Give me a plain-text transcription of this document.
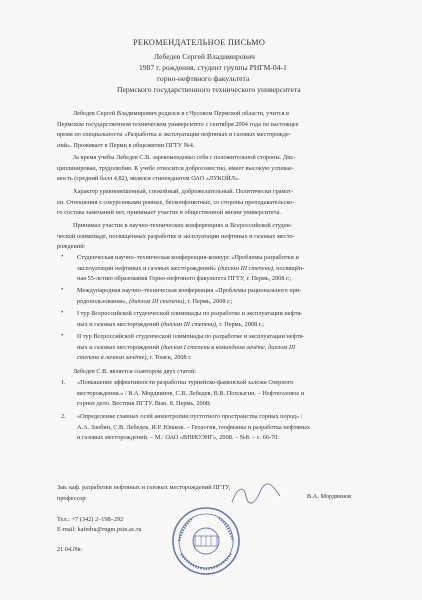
РЕКОМЕНДАТЕЛЬНОЕ ПИСЬМО
Лебедев Сергей Владимирович
1987 г. рождения, студент группы РНГМ-04-1
горно-нефтяного факультета
Пермского государственного технического университета
Лебедев Сергей Владимирович родился в г.Чусовом Пермской области, учится в
Пермском государственном техническом университете с сентября 2004 года по настоящее
время по специальности «Разработка и эксплуатация нефтяных и газовых месторожде-
ний». Проживает в Перми в общежитии ПГТУ №4.
За время учебы Лебедев С.В. зарекомендовал себя с положительной стороны. Дис-
циплинирован, трудолюбив. К учебе относится добросовестно, имеет высокую успевае-
мость (средний балл 4,82), являлся стипендиатом ОАО «ЛУКОЙЛ».
Характер уравновешенный, спокойный, доброжелательный. Политически грамот-
ен. Отношения с сокурсниками ровные, бесконфликтные, со стороны преподавательско-
го состава замечаний нет, принимает участие в общественной жизни университета.
Принимал участие в научно-технических конференциях и Всероссийской студен-
ческой олимпиаде, посвященных разработке и эксплуатации нефтяных и газовых место-
рождений:
• Студенческая научно–техническая конференция-конкурс «Проблемы разработки и
эксплуатации нефтяных и газовых месторождений» (диплом III степени), посвящён-
ная 55-летию образования Горно-нефтяного факультета ПГТУ, г. Пермь, 2008 г.;
• Международная научно–техническая конференция «Проблемы рационального при-
родопользования», (диплом III степени), г. Пермь, 2008 г.;
• I тур Всероссийской студенческой олимпиады по разработке и эксплуатации нефтя-
ных и газовых месторождений (диплом III степени), г. Пермь, 2008 г.;
• II тур Всероссийской студенческой олимпиады по разработке и эксплуатации нефтя-
ных и газовых месторождений (диплом I степени в командном зачёте, диплом III
степени в личном зачёте), г. Томск, 2008 г.
Лебедев С.В. является соавтором двух статей:
1. «Повышение эффективности разработки турнейско-фаменской залежи Озерного
месторождения.» / В.А. Мордвинов, С.В. Лебедев, В.В. Поплыгин. – Нефтегазовое и
горное дело. Вестник ПГТУ. Вып. 8. Пермь, 2008;
2. «Определение главных осей анизотропии пустотного пространства горных пород» /
А.А. Злобин, С.В. Лебедев, И.Р. Юшков. – Геология, геофизика и разработка нефтяных
и газовых месторождений. – М.: ОАО «ВНИОЭНГ», 2008. – №8. – с. 66-70.
Зав. каф. разработки нефтяных и газовых месторождений ПГТУ,
профессор	В.А. Мордвинов
Тел.: +7 (342) 2–198–292
E-mail: kafedra@rngm.pstu.ac.ru
21.04.09г.
